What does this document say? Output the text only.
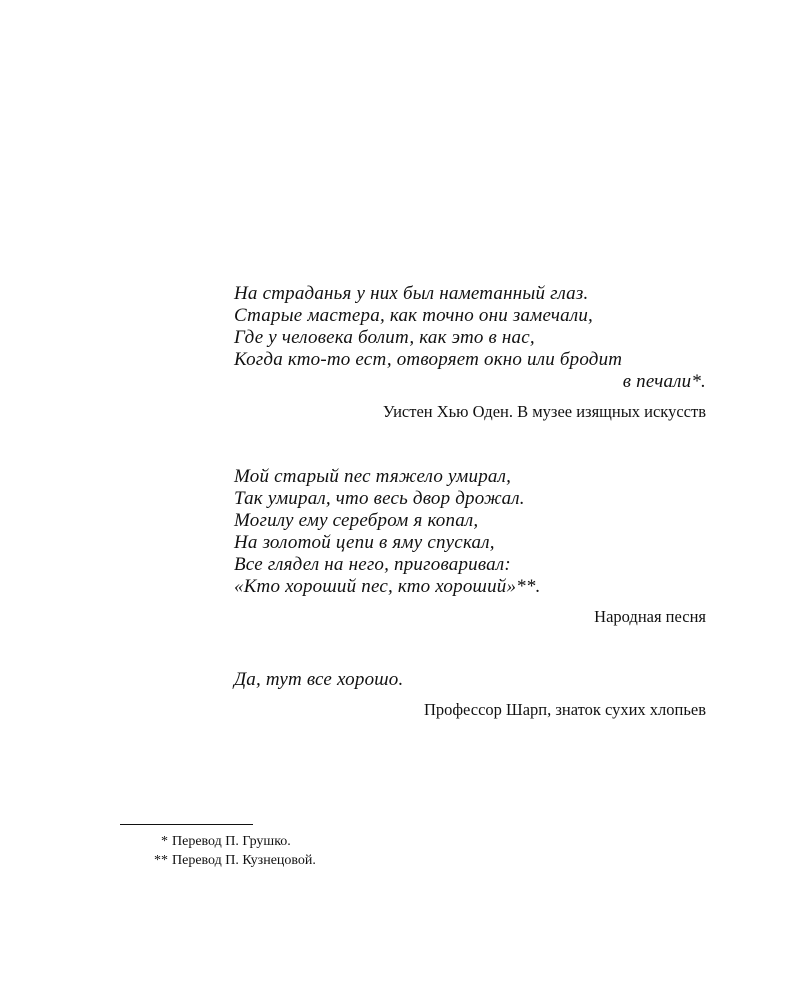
На страданья у них был наметанный глаз.
Старые мастера, как точно они замечали,
Где у человека болит, как это в нас,
Когда кто-то ест, отворяет окно или бродит
в печали*.
Уистен Хью Оден. В музее изящных искусств
Мой старый пес тяжело умирал,
Так умирал, что весь двор дрожал.
Могилу ему серебром я копал,
На золотой цепи в яму спускал,
Все глядел на него, приговаривал:
«Кто хороший пес, кто хороший»**.
Народная песня
Да, тут все хорошо.
Профессор Шарп, знаток сухих хлопьев
* Перевод П. Грушко.
** Перевод П. Кузнецовой.
